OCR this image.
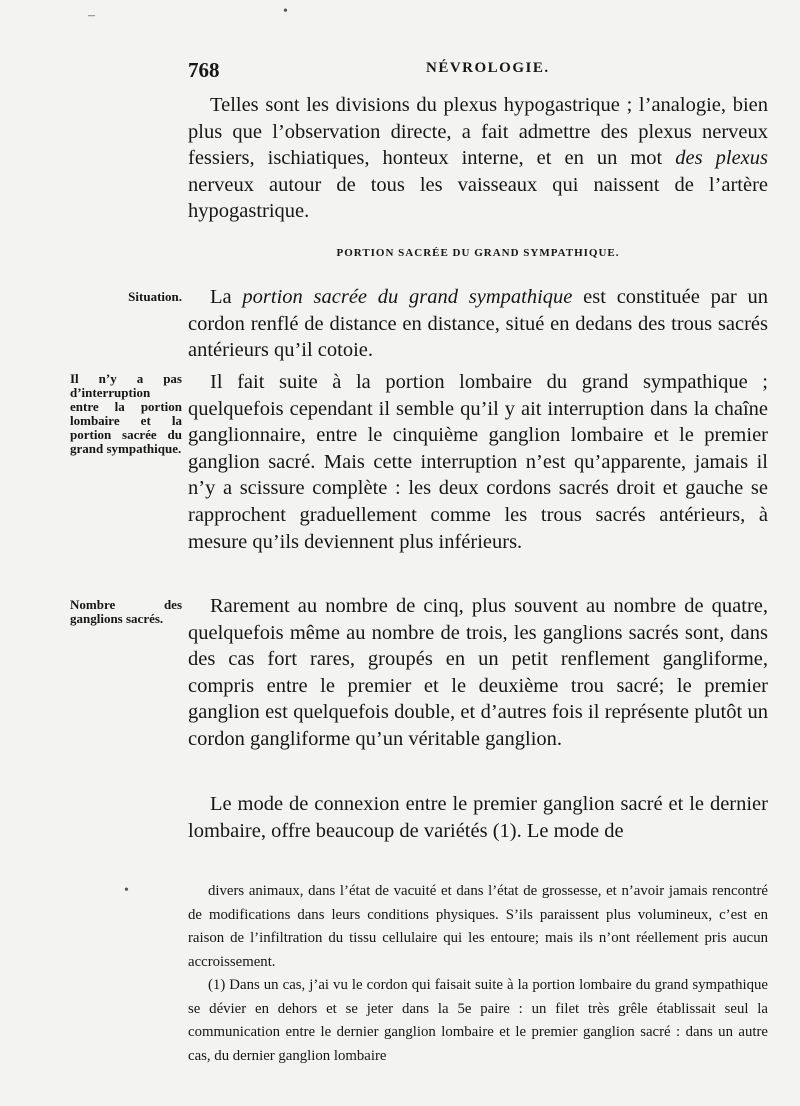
–	•
768	NÉVROLOGIE.

Telles sont les divisions du plexus hypogastrique ; l’analogie, bien plus que l’observation directe, a fait admettre des plexus nerveux fessiers, ischiatiques, honteux interne, et en un mot des plexus nerveux autour de tous les vaisseaux qui naissent de l’artère hypogastrique.

PORTION SACRÉE DU GRAND SYMPATHIQUE.
Situation.	La portion sacrée du grand sympathique est constituée par un cordon renflé de distance en distance, situé en dedans des trous sacrés antérieurs qu’il cotoie.

Il n’y a pas d’interruption entre la portion lombaire et la portion sacrée du grand sympathique.

Il fait suite à la portion lombaire du grand sympathique ; quelquefois cependant il semble qu’il y ait interruption dans la chaîne ganglionnaire, entre le cinquième ganglion lombaire et le premier ganglion sacré. Mais cette interruption n’est qu’apparente, jamais il n’y a scissure complète : les deux cordons sacrés droit et gauche se rapprochent graduellement comme les trous sacrés antérieurs, à mesure qu’ils deviennent plus inférieurs.

Nombre des ganglions sacrés.

Rarement au nombre de cinq, plus souvent au nombre de quatre, quelquefois même au nombre de trois, les ganglions sacrés sont, dans des cas fort rares, groupés en un petit renflement gangliforme, compris entre le premier et le deuxième trou sacré; le premier ganglion est quelquefois double, et d’autres fois il représente plutôt un cordon gangliforme qu’un véritable ganglion.

Le mode de connexion entre le premier ganglion sacré et le dernier lombaire, offre beaucoup de variétés (1). Le mode de

•	divers animaux, dans l’état de vacuité et dans l’état de grossesse, et n’avoir jamais rencontré de modifications dans leurs conditions physiques. S’ils paraissent plus volumineux, c’est en raison de l’infiltration du tissu cellulaire qui les entoure; mais ils n’ont réellement pris aucun accroissement.

(1) Dans un cas, j’ai vu le cordon qui faisait suite à la portion lombaire du grand sympathique se dévier en dehors et se jeter dans la 5e paire : un filet très grêle établissait seul la communication entre le dernier ganglion lombaire et le premier ganglion sacré : dans un autre cas, du dernier ganglion lombaire
